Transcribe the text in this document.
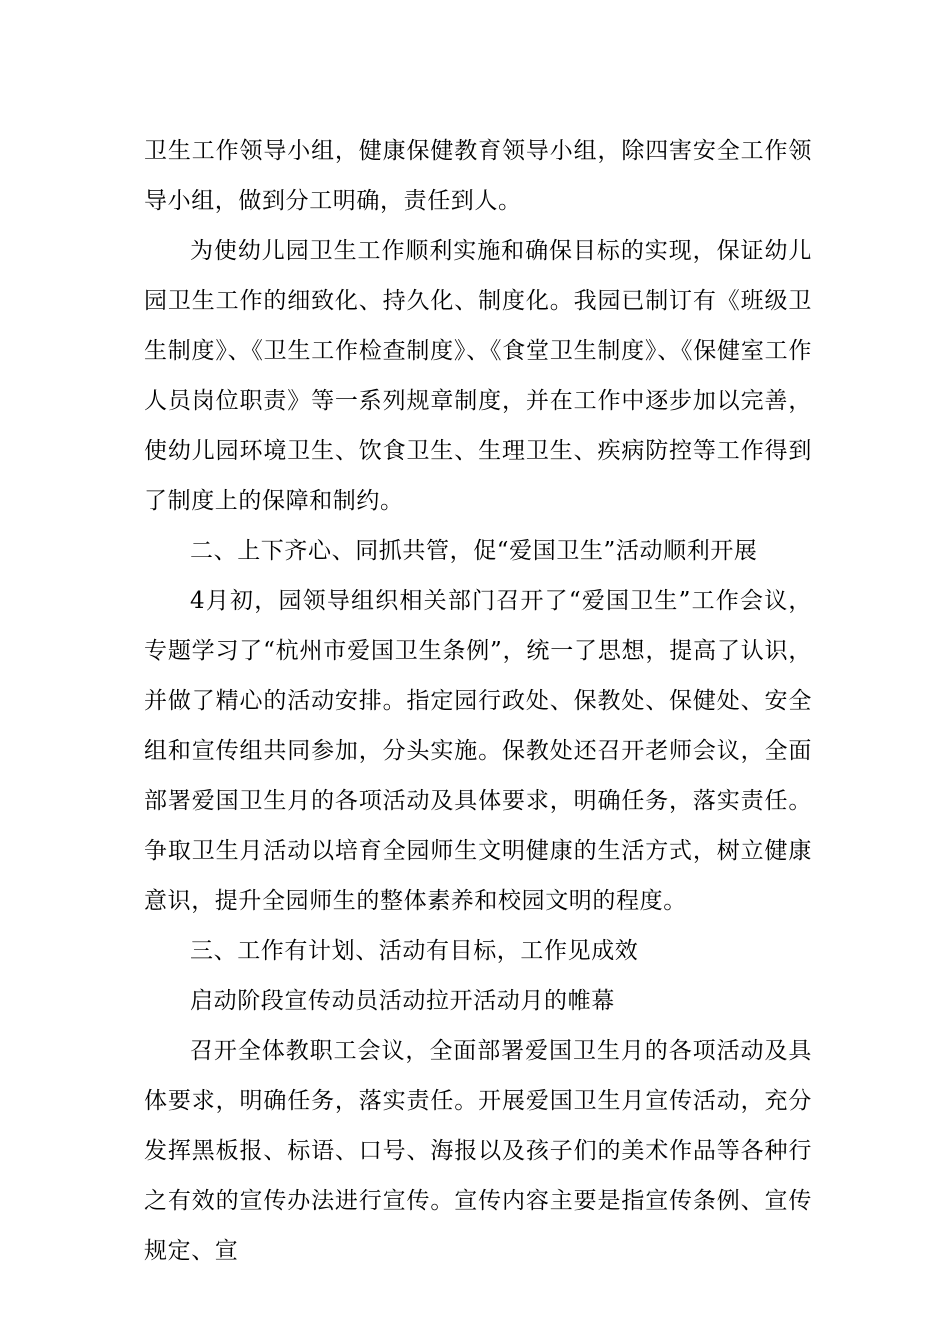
卫生工作领导小组，健康保健教育领导小组，除四害安全工作领导小组，做到分工明确，责任到人。

为使幼儿园卫生工作顺利实施和确保目标的实现，保证幼儿园卫生工作的细致化、持久化、制度化。我园已制订有《班级卫生制度》、《卫生工作检查制度》、《食堂卫生制度》、《保健室工作人员岗位职责》等一系列规章制度，并在工作中逐步加以完善，使幼儿园环境卫生、饮食卫生、生理卫生、疾病防控等工作得到了制度上的保障和制约。

二、上下齐心、同抓共管，促“爱国卫生”活动顺利开展

4月初，园领导组织相关部门召开了“爱国卫生”工作会议，专题学习了“杭州市爱国卫生条例”，统一了思想，提高了认识，并做了精心的活动安排。指定园行政处、保教处、保健处、安全组和宣传组共同参加，分头实施。保教处还召开老师会议，全面部署爱国卫生月的各项活动及具体要求，明确任务，落实责任。争取卫生月活动以培育全园师生文明健康的生活方式，树立健康意识，提升全园师生的整体素养和校园文明的程度。

三、工作有计划、活动有目标，工作见成效

启动阶段宣传动员活动拉开活动月的帷幕

召开全体教职工会议，全面部署爱国卫生月的各项活动及具体要求，明确任务，落实责任。开展爱国卫生月宣传活动，充分发挥黑板报、标语、口号、海报以及孩子们的美术作品等各种行之有效的宣传办法进行宣传。宣传内容主要是指宣传条例、宣传规定、宣
